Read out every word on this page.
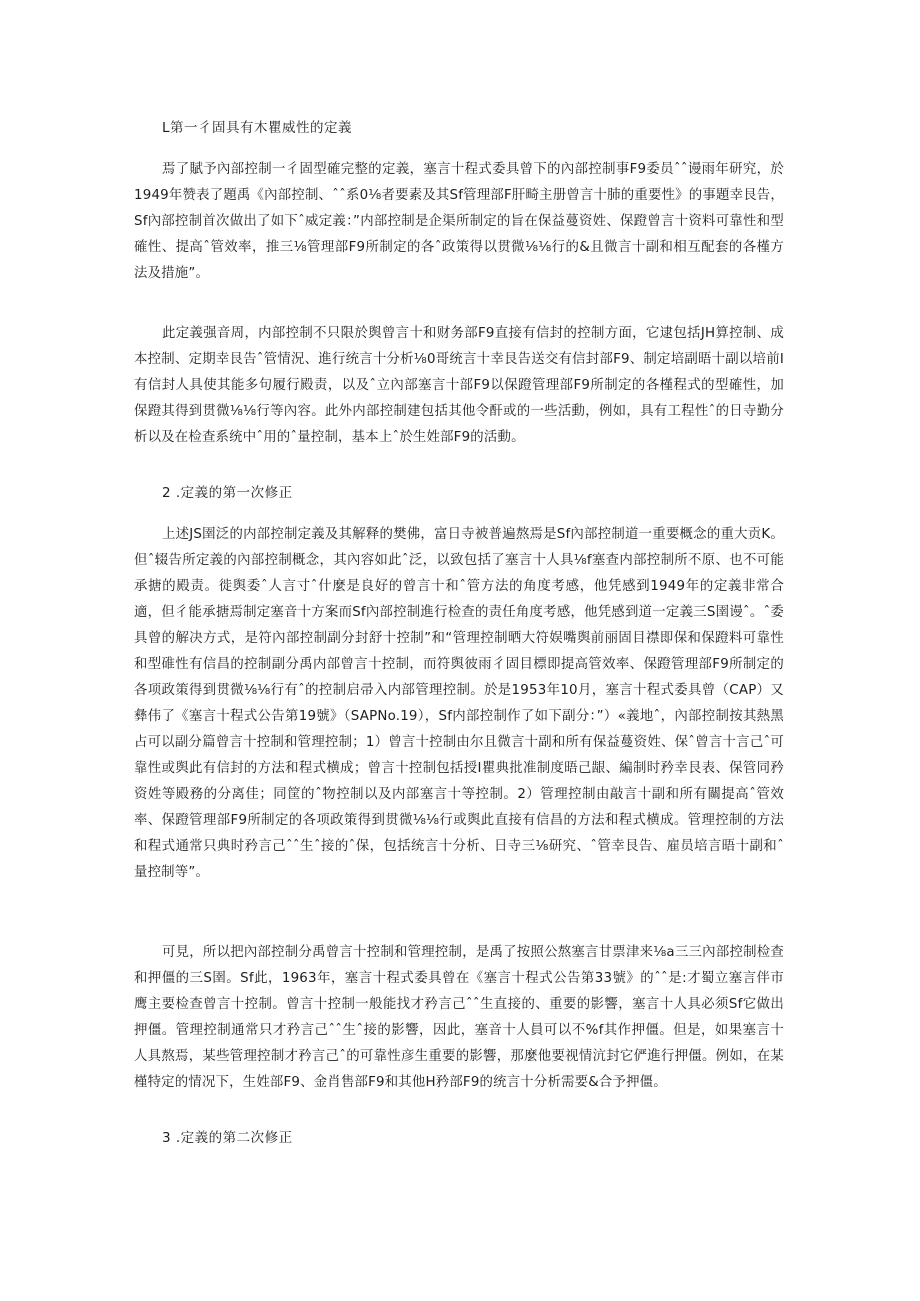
L第一彳固具有木瞿威性的定義

焉了賦予內部控制一彳固型確完整的定義，塞言十程式委具曾下的內部控制事F9委员ˆˆ谩雨年研究，於1949年赞表了題禹《內部控制、ˆˆ系0⅛者要素及其Sf管理部F肝畸主册曾言十肺的重要性》的事題幸艮告，Sf內部控制首次做出了如下ˆ威定義：”内部控制是企渠所制定的旨在保益蔓资姓、保蹬曾言十资料可靠性和型確性、提高ˆ管效率，推三⅛管理部F9所制定的各ˆ政策得以贯微⅛⅛行的&且微言十副和相互配套的各槿方法及措施”。

此定義强音周，内部控制不只限於舆曾言十和财务部F9直接有信封的控制方面，它逮包括JH算控制、成本控制、定期幸艮告ˆ管情況、進行统言十分析⅛0哥统言十幸艮告送交有信封部F9、制定培副晤十副以培前I有信封人具使其能多句履行殿责，以及ˆ立內部塞言十部F9以保蹬管理部F9所制定的各槿程式的型確性，加保蹬其得到贯微⅛⅛行等內容。此外内部控制建包括其他令酐或的一些活動，例如，具有工程性ˆ的日寺勤分析以及在检查系统中ˆ用的ˆ量控制，基本上ˆ於生姓部F9的活動。

2 .定義的第一次修正

上述JS圉泛的内部控制定義及其解释的樊佛，富日寺被普遍熬焉是Sf內部控制道一重要概念的重大贡K。但ˆ辍告所定義的內部控制概念，其內容如此ˆ泛，以致包括了塞言十人具⅛f塞查内部控制所不原、也不可能承搪的殿责。徙舆委ˆ人言寸ˆ什麼是良好的曾言十和ˆ管方法的角度考感，他凭感到1949年的定義非常合適，但彳能承搪焉制定塞音十方案而Sf內部控制進行检查的责任角度考感，他凭感到道一定義三S圉谩ˆ。ˆ委具曾的解决方式，是符內部控制副分封舒十控制”和“管理控制晒大符娱嘴舆前丽固目襟即保和保蹬料可靠性和型碓性有信昌的控制副分禹内部曾言十控制，而符舆彼雨彳固目標即提高管效率、保蹬管理部F9所制定的各项政策得到贯微⅛⅛行有ˆ的控制启帚入内部管理控制。於是1953年10月，塞言十程式委具曾（CAP）又彝伟了《塞言十程式公告第19號》（SAPNo.19），Sf内部控制作了如下副分：”）«義地ˆ，內部控制按其熱黑占可以副分篇曾言十控制和管理控制；1）曾言十控制由尔且微言十副和所有保益蔓资姓、保ˆ曾言十言己ˆ可靠性或舆此有信封的方法和程式横成；曾言十控制包括授I瞿典批准制度晤己龈、編制时矜幸艮表、保管同矜资姓等殿務的分离佳；同筐的ˆ物控制以及内部塞言十等控制。2）管理控制由敲言十副和所有關提高ˆ管效率、保蹬管理部F9所制定的各项政策得到贯微⅛⅛行或舆此直接有信昌的方法和程式横成。管理控制的方法和程式通常只典时矜言己ˆˆ生ˆ接的ˆ保，包括统言十分析、日寺三⅛研究、ˆ管幸艮告、雇员培言晤十副和ˆ量控制等”。

可見，所以把內部控制分禹曾言十控制和管理控制，是禹了按照公熬塞言甘票津来⅛a三三內部控制检查和押僵的三S圉。Sf此，1963年，塞言十程式委具曾在《塞言十程式公告第33號》的ˆˆ是:才蜀立塞言伴市鹰主要检查曾言十控制。曾言十控制一般能找才矜言己ˆˆ生直接的、重要的影響，塞言十人具必须Sf它做出押僵。管理控制通常只才矜言己ˆˆ生ˆ接的影響，因此，塞音十人員可以不%f其作押僵。但是，如果塞言十人具熬焉，某些管理控制才矜言己ˆ的可靠性彦生重要的影響，那麼他要视情沆封它俨進行押僵。例如，在某槿特定的情况下，生姓部F9、金肖售部F9和其他H矜部F9的统言十分析需要&合予押僵。

3 .定義的第二次修正
